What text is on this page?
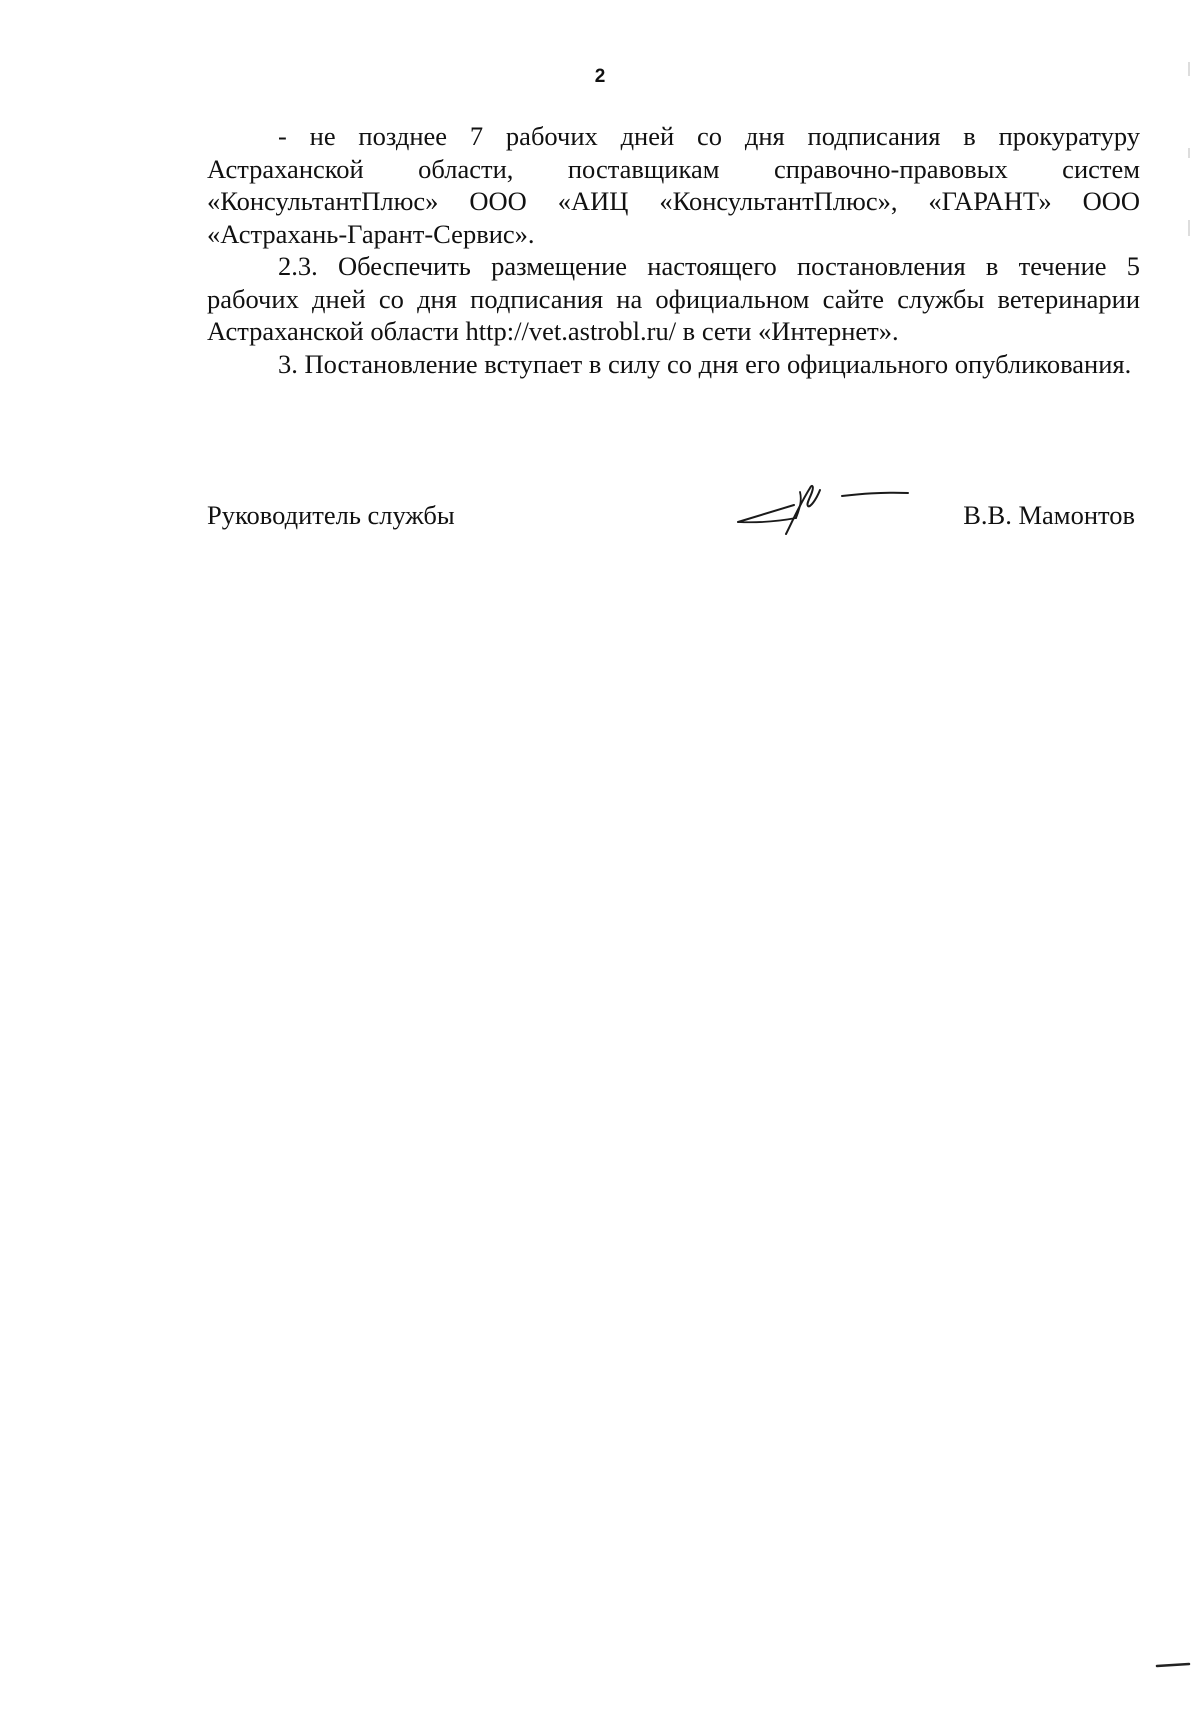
2

- не позднее 7 рабочих дней со дня подписания в прокуратуру Астраханской области, поставщикам справочно-правовых систем «КонсультантПлюс» ООО «АИЦ «КонсультантПлюс», «ГАРАНТ» ООО «Астрахань-Гарант-Сервис».

2.3. Обеспечить размещение настоящего постановления в течение 5 рабочих дней со дня подписания на официальном сайте службы ветеринарии Астраханской области http://vet.astrobl.ru/ в сети «Интернет».

3. Постановление вступает в силу со дня его официального опубликования.

Руководитель службы	В.В. Мамонтов
